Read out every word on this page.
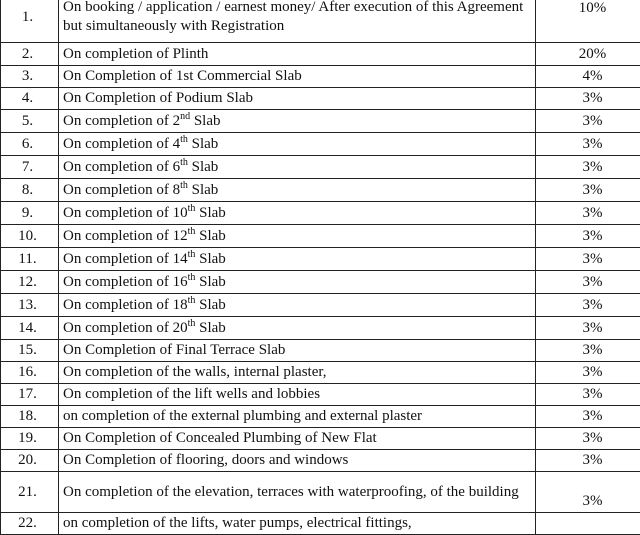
1.	On booking / application / earnest money/ After execution of this Agreement but simultaneously with Registration	10%
2.	On completion of Plinth	20%
3.	On Completion of 1st Commercial Slab	4%
4.	On Completion of Podium Slab	3%
5.	On completion of 2nd Slab	3%
6.	On completion of 4th Slab	3%
7.	On completion of 6th Slab	3%
8.	On completion of 8th Slab	3%
9.	On completion of 10th Slab	3%
10.	On completion of 12th Slab	3%
11.	On completion of 14th Slab	3%
12.	On completion of 16th Slab	3%
13.	On completion of 18th Slab	3%
14.	On completion of 20th Slab	3%
15.	On Completion of Final Terrace Slab	3%
16.	On completion of the walls, internal plaster,	3%
17.	On completion of the lift wells and lobbies	3%
18.	on completion of the external plumbing and external plaster	3%
19.	On Completion of Concealed Plumbing of New Flat	3%
20.	On Completion of flooring, doors and windows	3%
21.	On completion of the elevation, terraces with waterproofing, of the building	3%
22.	on completion of the lifts, water pumps, electrical fittings,	
